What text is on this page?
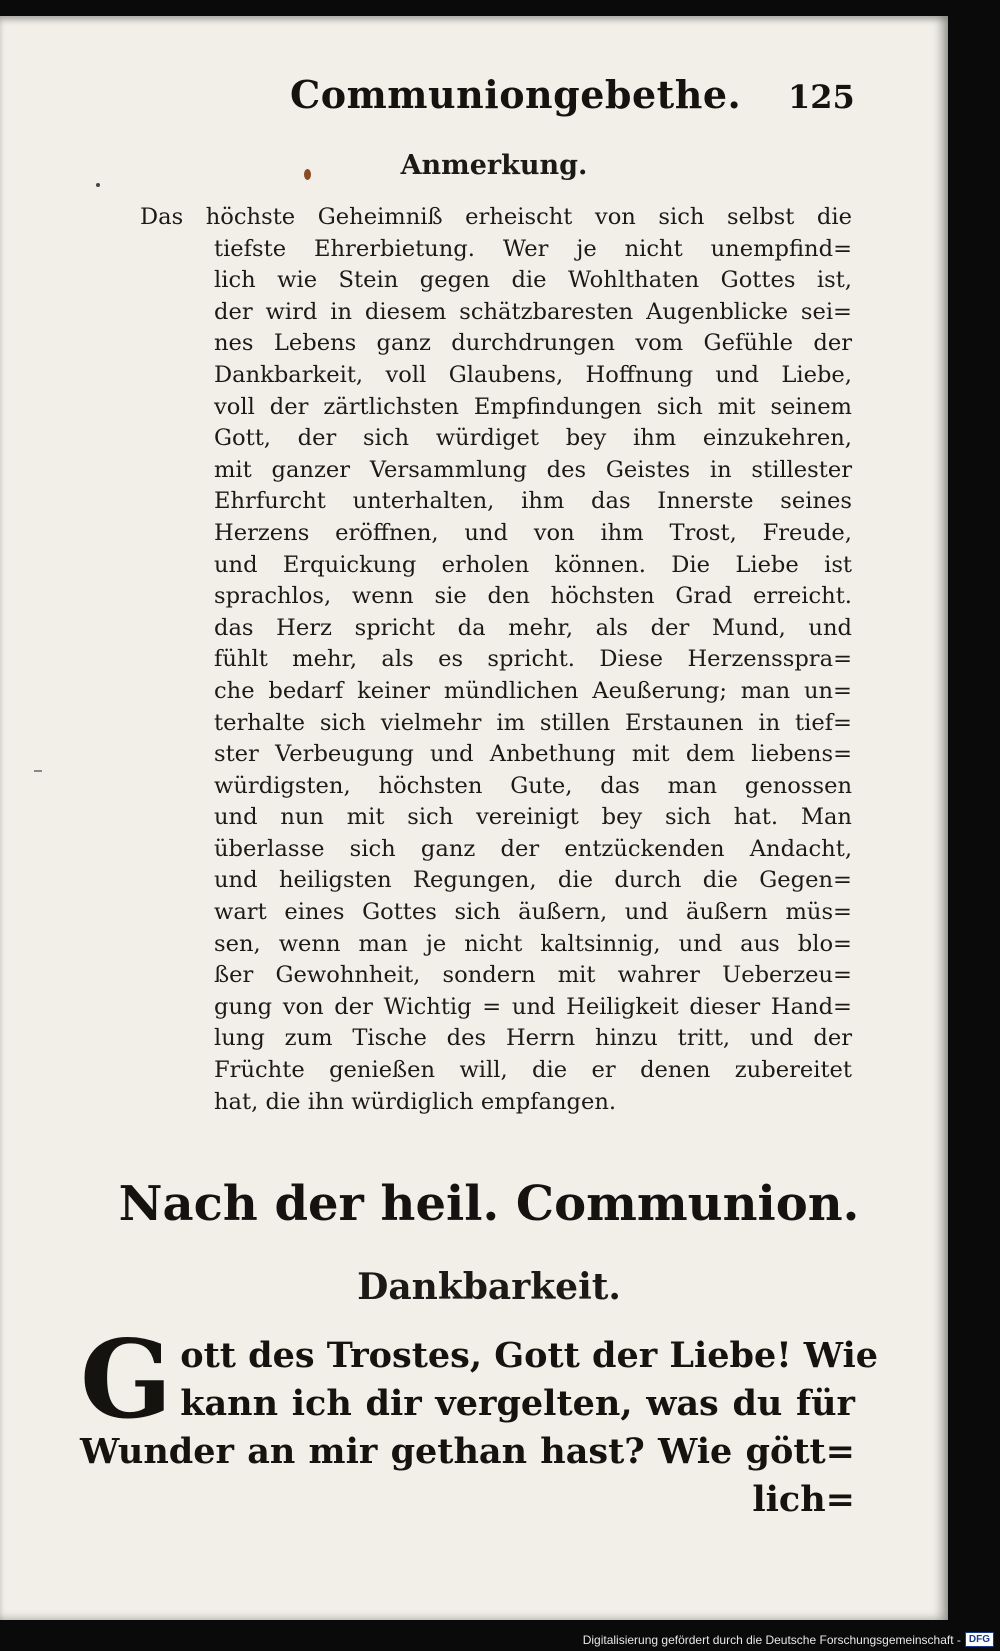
Communiongebethe. 125
Anmerkung.
Das höchste Geheimniß erheischt von sich selbst die
tiefste Ehrerbietung. Wer je nicht unempfind=
lich wie Stein gegen die Wohlthaten Gottes ist,
der wird in diesem schätzbaresten Augenblicke sei=
nes Lebens ganz durchdrungen vom Gefühle der
Dankbarkeit, voll Glaubens, Hoffnung und Liebe,
voll der zärtlichsten Empfindungen sich mit seinem
Gott, der sich würdiget bey ihm einzukehren,
mit ganzer Versammlung des Geistes in stillester
Ehrfurcht unterhalten, ihm das Innerste seines
Herzens eröffnen, und von ihm Trost, Freude,
und Erquickung erholen können. Die Liebe ist
sprachlos, wenn sie den höchsten Grad erreicht.
das Herz spricht da mehr, als der Mund, und
fühlt mehr, als es spricht. Diese Herzenssprа=
che bedarf keiner mündlichen Aeußerung; man un=
terhalte sich vielmehr im stillen Erstaunen in tief=
ster Verbeugung und Anbethung mit dem liebens=
würdigsten, höchsten Gute, das man genossen
und nun mit sich vereinigt bey sich hat. Man
überlasse sich ganz der entzückenden Andacht,
und heiligsten Regungen, die durch die Gegen=
wart eines Gottes sich äußern, und äußern müs=
sen, wenn man je nicht kaltsinnig, und aus blo=
ßer Gewohnheit, sondern mit wahrer Ueberzeu=
gung von der Wichtig = und Heiligkeit dieser Hand=
lung zum Tische des Herrn hinzu tritt, und der
Früchte genießen will, die er denen zubereitet
hat, die ihn würdiglich empfangen.
Nach der heil. Communion.
Dankbarkeit.
G ott des Trostes, Gott der Liebe! Wie
kann ich dir vergelten, was du für
Wunder an mir gethan hast? Wie gött=
lich=
Digitalisierung gefördert durch die Deutsche Forschungsgemeinschaft - DFG
